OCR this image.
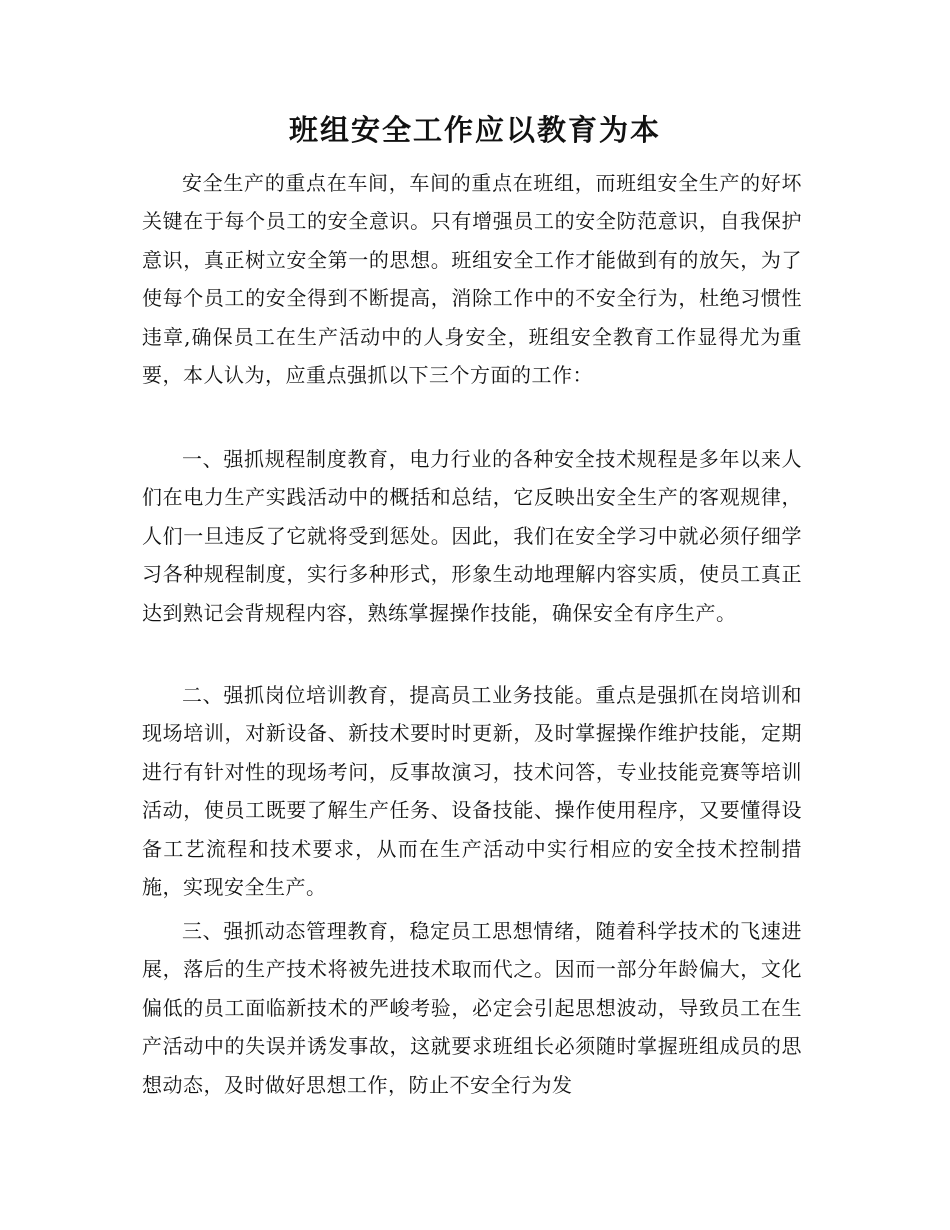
班组安全工作应以教育为本

安全生产的重点在车间，车间的重点在班组，而班组安全生产的好坏关键在于每个员工的安全意识。只有增强员工的安全防范意识，自我保护意识，真正树立安全第一的思想。班组安全工作才能做到有的放矢，为了使每个员工的安全得到不断提高，消除工作中的不安全行为，杜绝习惯性违章,确保员工在生产活动中的人身安全，班组安全教育工作显得尤为重要，本人认为，应重点强抓以下三个方面的工作：

一、强抓规程制度教育，电力行业的各种安全技术规程是多年以来人们在电力生产实践活动中的概括和总结，它反映出安全生产的客观规律，人们一旦违反了它就将受到惩处。因此，我们在安全学习中就必须仔细学习各种规程制度，实行多种形式，形象生动地理解内容实质，使员工真正达到熟记会背规程内容，熟练掌握操作技能，确保安全有序生产。

二、强抓岗位培训教育，提高员工业务技能。重点是强抓在岗培训和现场培训，对新设备、新技术要时时更新，及时掌握操作维护技能，定期进行有针对性的现场考问，反事故演习，技术问答，专业技能竞赛等培训活动，使员工既要了解生产任务、设备技能、操作使用程序，又要懂得设备工艺流程和技术要求，从而在生产活动中实行相应的安全技术控制措施，实现安全生产。

三、强抓动态管理教育，稳定员工思想情绪，随着科学技术的飞速进展，落后的生产技术将被先进技术取而代之。因而一部分年龄偏大，文化偏低的员工面临新技术的严峻考验，必定会引起思想波动，导致员工在生产活动中的失误并诱发事故，这就要求班组长必须随时掌握班组成员的思想动态，及时做好思想工作，防止不安全行为发
